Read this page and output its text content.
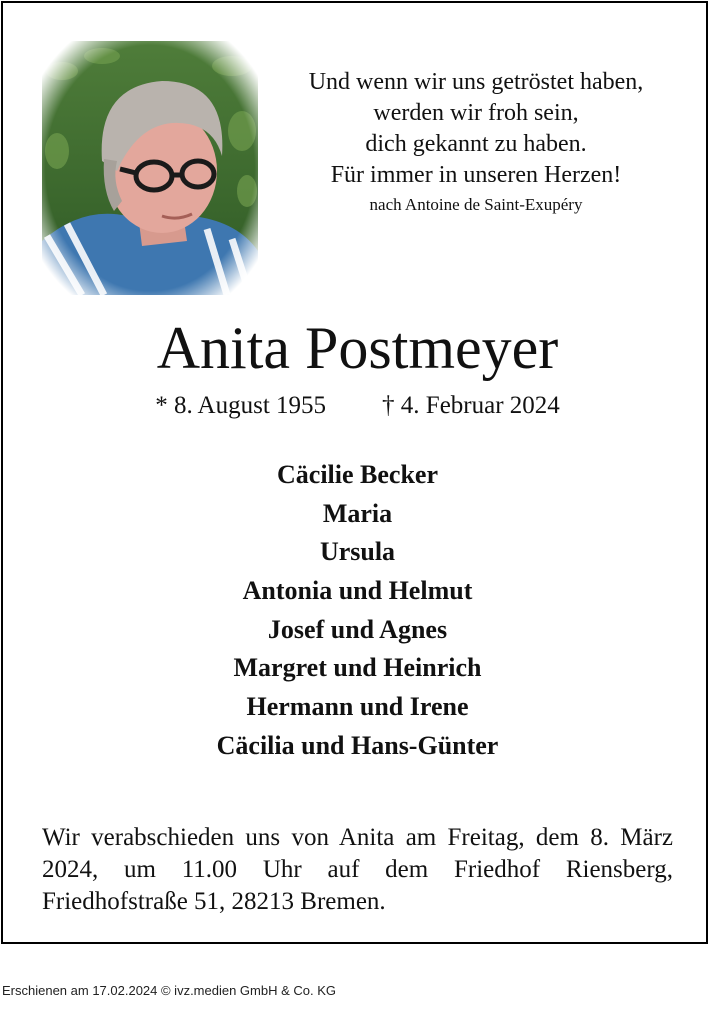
Und wenn wir uns getröstet haben,
werden wir froh sein,
dich gekannt zu haben.
Für immer in unseren Herzen!
nach Antoine de Saint-Exupéry
Anita Postmeyer
* 8. August 1955 † 4. Februar 2024
Cäcilie Becker
Maria
Ursula
Antonia und Helmut
Josef und Agnes
Margret und Heinrich
Hermann und Irene
Cäcilia und Hans-Günter
Wir verabschieden uns von Anita am Freitag, dem 8. März 2024, um 11.00 Uhr auf dem Friedhof Riensberg, Friedhofstraße 51, 28213 Bremen.
Erschienen am 17.02.2024 © ivz.medien GmbH & Co. KG
